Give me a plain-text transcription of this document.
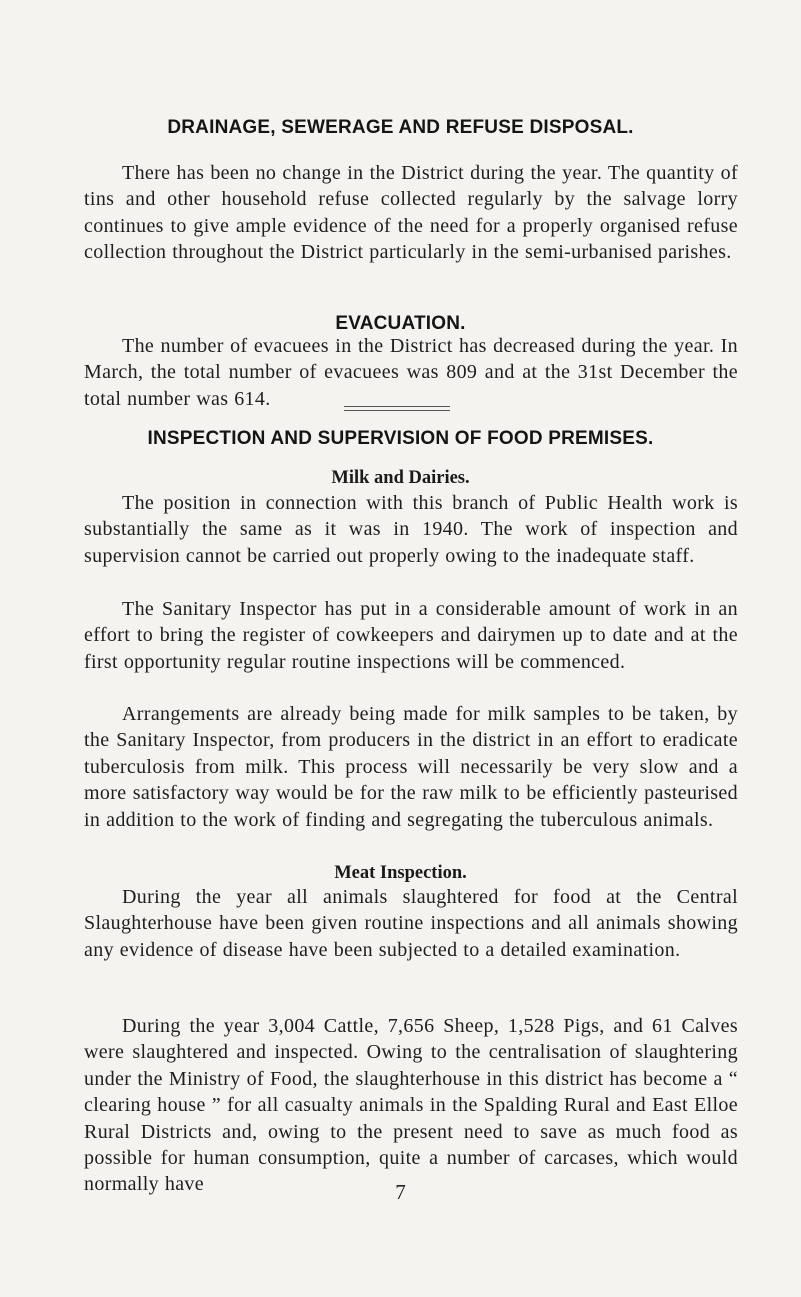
DRAINAGE, SEWERAGE AND REFUSE DISPOSAL.

There has been no change in the District during the year. The quantity of tins and other household refuse collected regularly by the salvage lorry continues to give ample evidence of the need for a properly organised refuse collection throughout the District particularly in the semi-urbanised parishes.

EVACUATION.

The number of evacuees in the District has decreased during the year. In March, the total number of evacuees was 809 and at the 31st December the total number was 614.

INSPECTION AND SUPERVISION OF FOOD PREMISES.
Milk and Dairies.

The position in connection with this branch of Public Health work is substantially the same as it was in 1940. The work of inspection and supervision cannot be carried out properly owing to the inadequate staff.

The Sanitary Inspector has put in a considerable amount of work in an effort to bring the register of cowkeepers and dairymen up to date and at the first opportunity regular routine inspections will be commenced.

Arrangements are already being made for milk samples to be taken, by the Sanitary Inspector, from producers in the district in an effort to eradicate tuberculosis from milk. This process will necessarily be very slow and a more satisfactory way would be for the raw milk to be efficiently pasteurised in addition to the work of finding and segregating the tuberculous animals.

Meat Inspection.

During the year all animals slaughtered for food at the Central Slaughterhouse have been given routine inspections and all animals showing any evidence of disease have been subjected to a detailed examination.

During the year 3,004 Cattle, 7,656 Sheep, 1,528 Pigs, and 61 Calves were slaughtered and inspected. Owing to the centralisation of slaughtering under the Ministry of Food, the slaughterhouse in this district has become a “ clearing house ” for all casualty animals in the Spalding Rural and East Elloe Rural Districts and, owing to the present need to save as much food as possible for human consumption, quite a number of carcases, which would normally have	7
